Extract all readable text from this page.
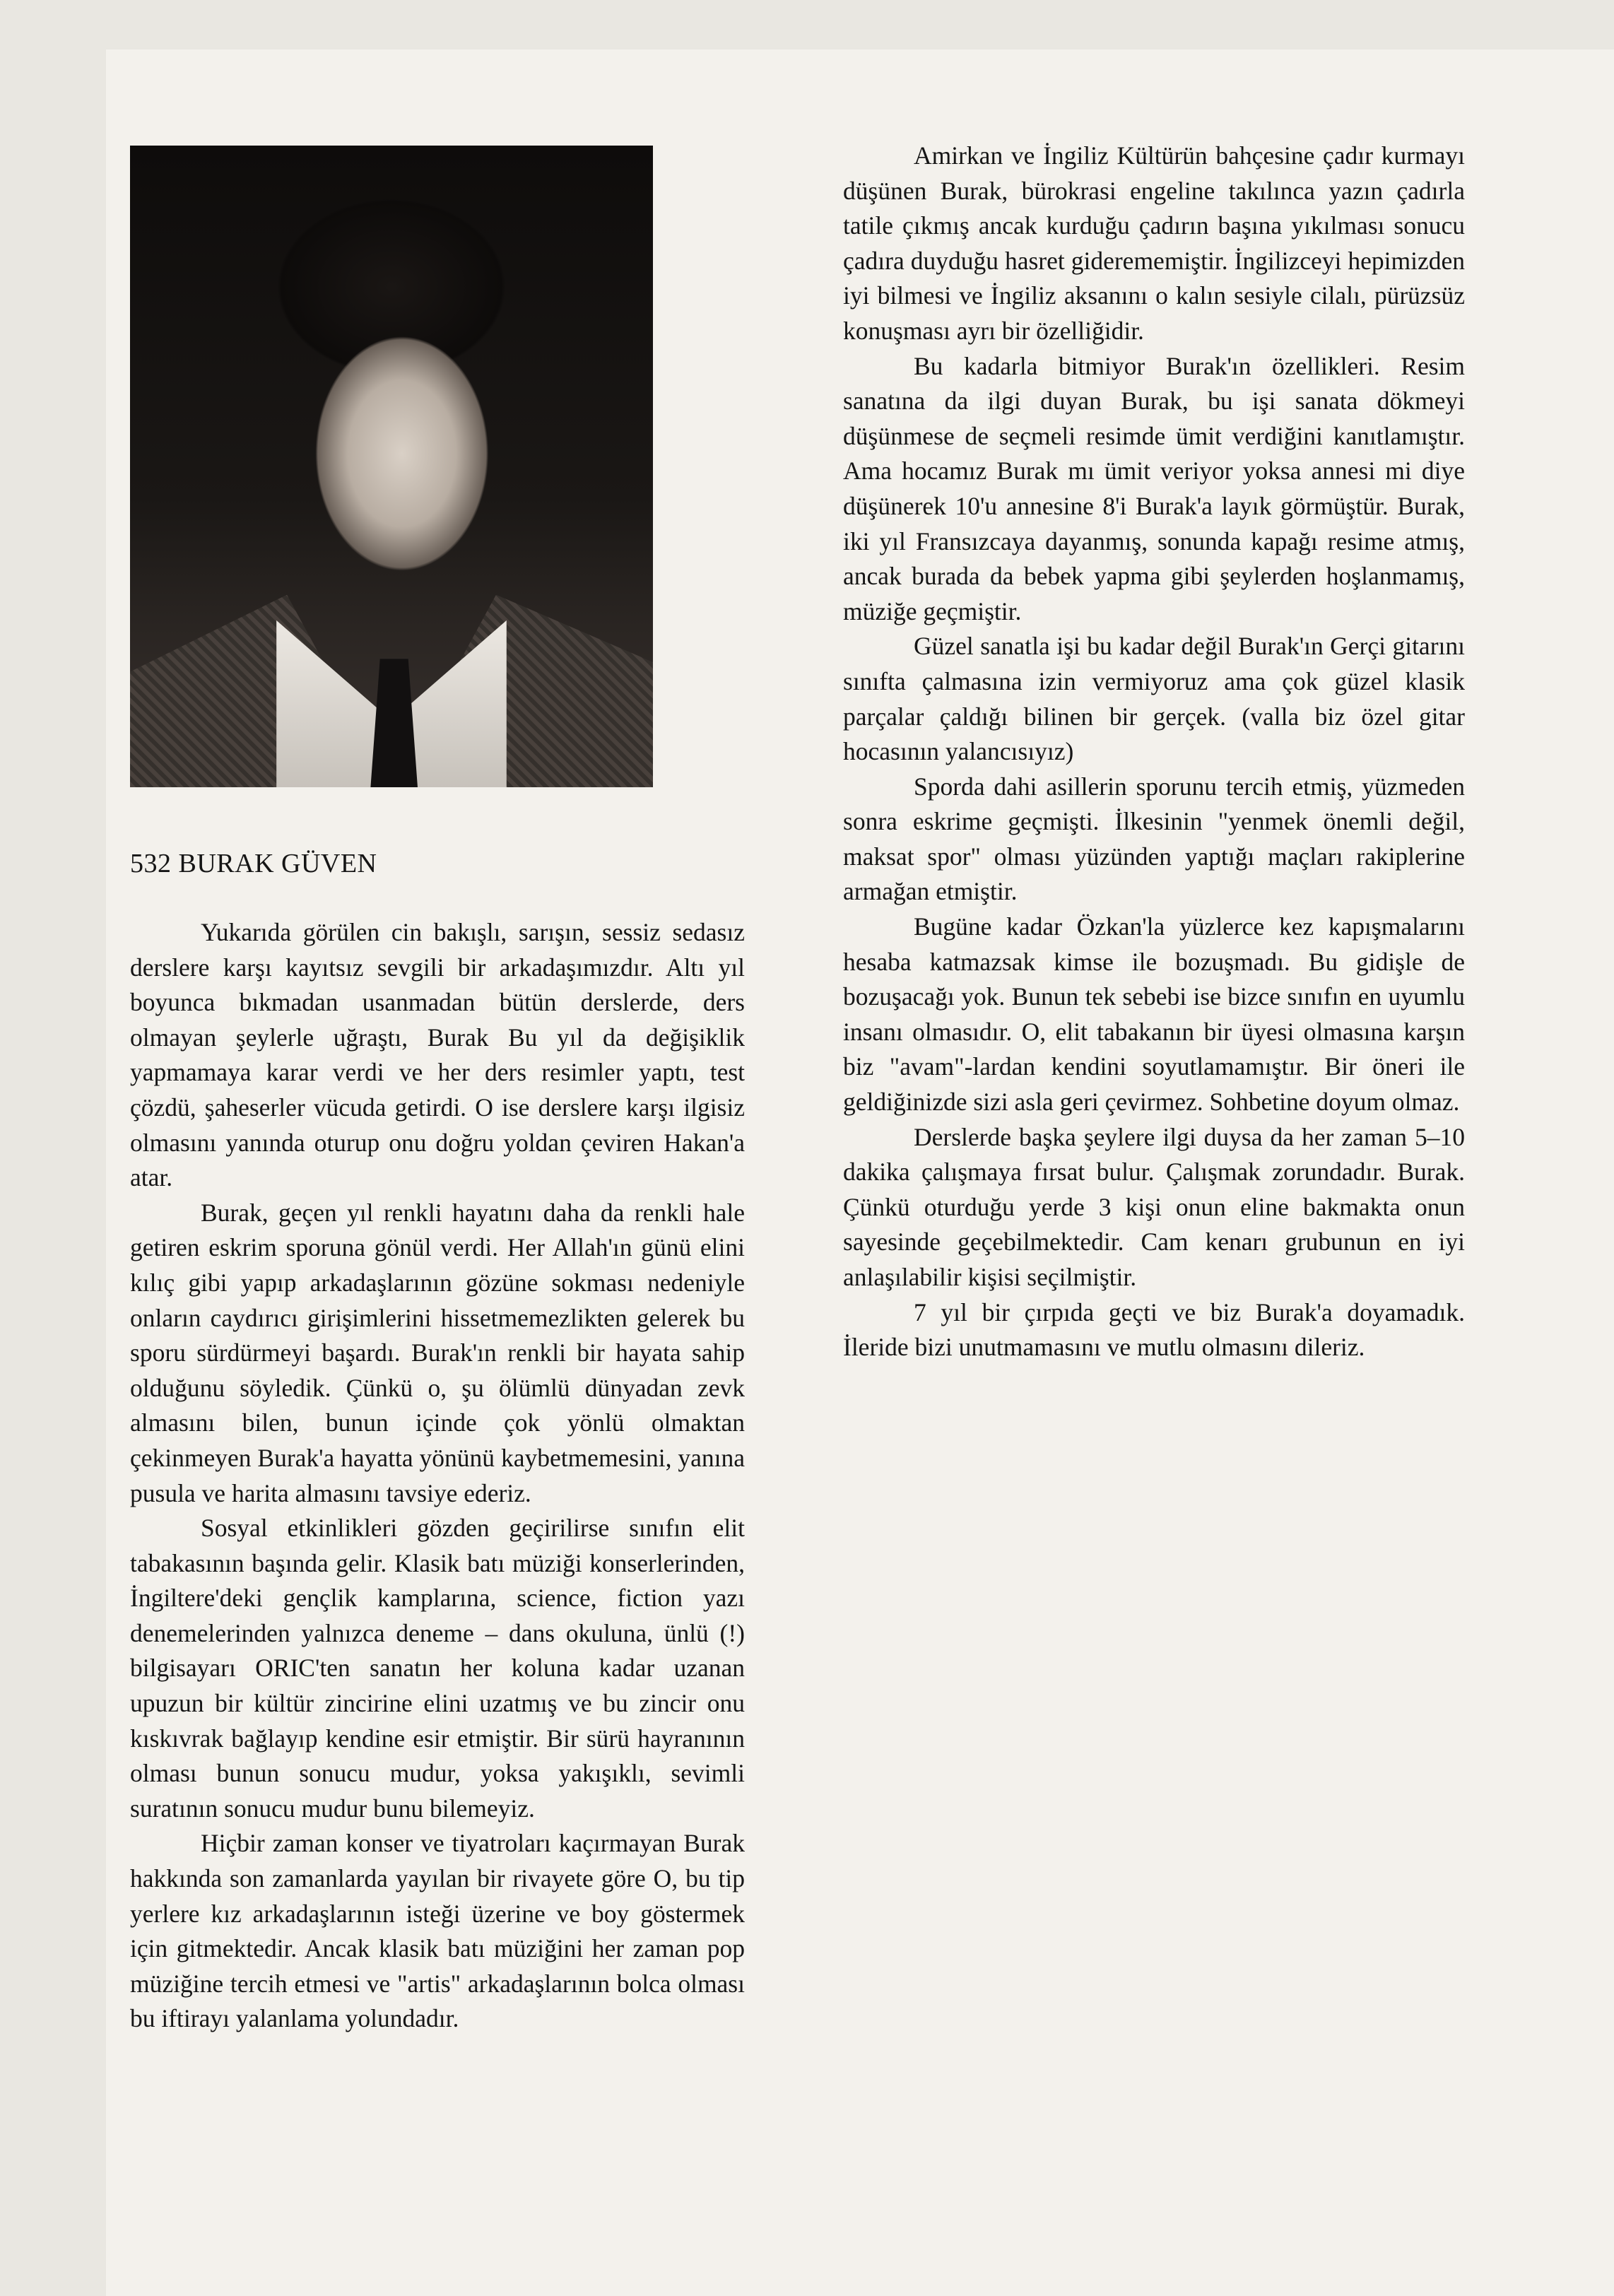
532 BURAK GÜVEN

Yukarıda görülen cin bakışlı, sarışın, sessiz sedasız derslere karşı kayıtsız sevgili bir arkadaşımızdır. Altı yıl boyunca bıkmadan usanmadan bütün derslerde, ders olmayan şeylerle uğraştı, Burak Bu yıl da değişiklik yapmamaya karar verdi ve her ders resimler yaptı, test çözdü, şaheserler vücuda getirdi. O ise derslere karşı ilgisiz olmasını yanında oturup onu doğru yoldan çeviren Hakan'a atar.

Burak, geçen yıl renkli hayatını daha da renkli hale getiren eskrim sporuna gönül verdi. Her Allah'ın günü elini kılıç gibi yapıp arkadaşlarının gözüne sokması nedeniyle onların caydırıcı girişimlerini hissetmemezlikten gelerek bu sporu sürdürmeyi başardı. Burak'ın renkli bir hayata sahip olduğunu söyledik. Çünkü o, şu ölümlü dünyadan zevk almasını bilen, bunun içinde çok yönlü olmaktan çekinmeyen Burak'a hayatta yönünü kaybetmemesini, yanına pusula ve harita almasını tavsiye ederiz.

Sosyal etkinlikleri gözden geçirilirse sınıfın elit tabakasının başında gelir. Klasik batı müziği konserlerinden, İngiltere'deki gençlik kamplarına, science, fiction yazı denemelerinden yalnızca deneme – dans okuluna, ünlü (!) bilgisayarı ORIC'ten sanatın her koluna kadar uzanan upuzun bir kültür zincirine elini uzatmış ve bu zincir onu kıskıvrak bağlayıp kendine esir etmiştir. Bir sürü hayranının olması bunun sonucu mudur, yoksa yakışıklı, sevimli suratının sonucu mudur bunu bilemeyiz.

Hiçbir zaman konser ve tiyatroları kaçırmayan Burak hakkında son zamanlarda yayılan bir rivayete göre O, bu tip yerlere kız arkadaşlarının isteği üzerine ve boy göstermek için gitmektedir. Ancak klasik batı müziğini her zaman pop müziğine tercih etmesi ve "artis" arkadaşlarının bolca olması bu iftirayı yalanlama yolundadır.

Amirkan ve İngiliz Kültürün bahçesine çadır kurmayı düşünen Burak, bürokrasi engeline takılınca yazın çadırla tatile çıkmış ancak kurduğu çadırın başına yıkılması sonucu çadıra duyduğu hasret giderememiştir. İngilizceyi hepimizden iyi bilmesi ve İngiliz aksanını o kalın sesiyle cilalı, pürüzsüz konuşması ayrı bir özelliğidir.

Bu kadarla bitmiyor Burak'ın özellikleri. Resim sanatına da ilgi duyan Burak, bu işi sanata dökmeyi düşünmese de seçmeli resimde ümit verdiğini kanıtlamıştır. Ama hocamız Burak mı ümit veriyor yoksa annesi mi diye düşünerek 10'u annesine 8'i Burak'a layık görmüştür. Burak, iki yıl Fransızcaya dayanmış, sonunda kapağı resime atmış, ancak burada da bebek yapma gibi şeylerden hoşlanmamış, müziğe geçmiştir.

Güzel sanatla işi bu kadar değil Burak'ın Gerçi gitarını sınıfta çalmasına izin vermiyoruz ama çok güzel klasik parçalar çaldığı bilinen bir gerçek. (valla biz özel gitar hocasının yalancısıyız)

Sporda dahi asillerin sporunu tercih etmiş, yüzmeden sonra eskrime geçmişti. İlkesinin "yenmek önemli değil, maksat spor" olması yüzünden yaptığı maçları rakiplerine armağan etmiştir.

Bugüne kadar Özkan'la yüzlerce kez kapışmalarını hesaba katmazsak kimse ile bozuşmadı. Bu gidişle de bozuşacağı yok. Bunun tek sebebi ise bizce sınıfın en uyumlu insanı olmasıdır. O, elit tabakanın bir üyesi olmasına karşın biz "avam"-lardan kendini soyutlamamıştır. Bir öneri ile geldiğinizde sizi asla geri çevirmez. Sohbetine doyum olmaz.

Derslerde başka şeylere ilgi duysa da her zaman 5–10 dakika çalışmaya fırsat bulur. Çalışmak zorundadır. Burak. Çünkü oturduğu yerde 3 kişi onun eline bakmakta onun sayesinde geçebilmektedir. Cam kenarı grubunun en iyi anlaşılabilir kişisi seçilmiştir.

7 yıl bir çırpıda geçti ve biz Burak'a doyamadık. İleride bizi unutmamasını ve mutlu olmasını dileriz.
